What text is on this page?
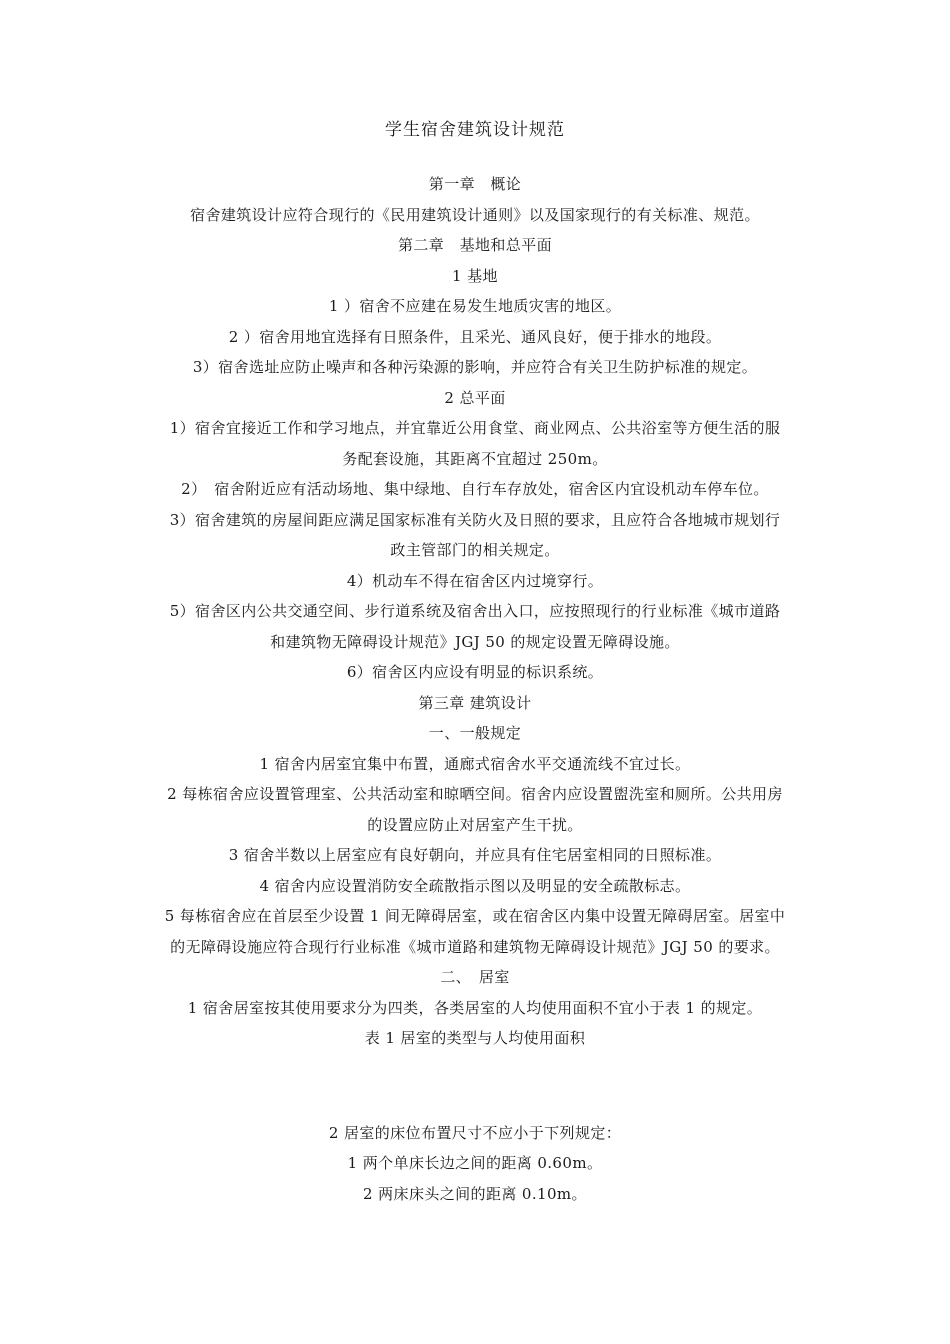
学生宿舍建筑设计规范
第一章　概论
宿舍建筑设计应符合现行的《民用建筑设计通则》以及国家现行的有关标准、规范。
第二章　基地和总平面
1 基地
1 ）宿舍不应建在易发生地质灾害的地区。
2 ）宿舍用地宜选择有日照条件，且采光、通风良好，便于排水的地段。
3）宿舍选址应防止噪声和各种污染源的影响，并应符合有关卫生防护标准的规定。
2 总平面
1）宿舍宜接近工作和学习地点，并宜靠近公用食堂、商业网点、公共浴室等方便生活的服
务配套设施，其距离不宜超过 250m。
2）　宿舍附近应有活动场地、集中绿地、自行车存放处，宿舍区内宜设机动车停车位。
3）宿舍建筑的房屋间距应满足国家标准有关防火及日照的要求，且应符合各地城市规划行
政主管部门的相关规定。
4）机动车不得在宿舍区内过境穿行。
5）宿舍区内公共交通空间、步行道系统及宿舍出入口，应按照现行的行业标准《城市道路
和建筑物无障碍设计规范》JGJ 50 的规定设置无障碍设施。
6）宿舍区内应设有明显的标识系统。
第三章 建筑设计
一、一般规定
1 宿舍内居室宜集中布置，通廊式宿舍水平交通流线不宜过长。
2 每栋宿舍应设置管理室、公共活动室和晾晒空间。宿舍内应设置盥洗室和厕所。公共用房
的设置应防止对居室产生干扰。
3 宿舍半数以上居室应有良好朝向，并应具有住宅居室相同的日照标准。
4 宿舍内应设置消防安全疏散指示图以及明显的安全疏散标志。
5 每栋宿舍应在首层至少设置 1 间无障碍居室，或在宿舍区内集中设置无障碍居室。居室中
的无障碍设施应符合现行行业标准《城市道路和建筑物无障碍设计规范》JGJ 50 的要求。
二、　居室
1 宿舍居室按其使用要求分为四类，各类居室的人均使用面积不宜小于表 1 的规定。
表 1 居室的类型与人均使用面积
2 居室的床位布置尺寸不应小于下列规定：
1 两个单床长边之间的距离 0.60m。
2 两床床头之间的距离 0.10m。
